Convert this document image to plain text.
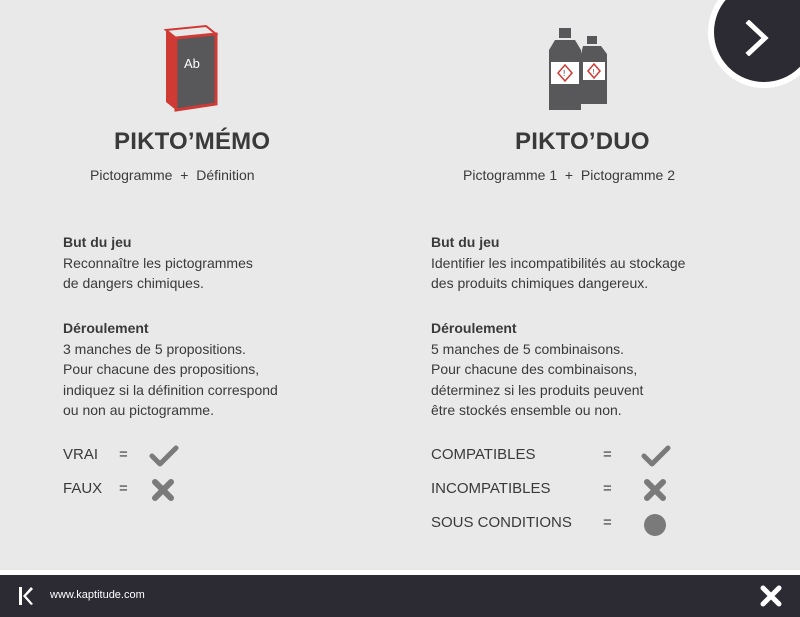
Ab
PIKTO’MÉMO
Pictogramme  +  Définition
But du jeu
Reconnaître les pictogrammes
de dangers chimiques.
Déroulement
3 manches de 5 propositions.
Pour chacune des propositions,
indiquez si la définition correspond
ou non au pictogramme.
VRAI =
FAUX =
!	!
PIKTO’DUO
Pictogramme 1  +  Pictogramme 2
But du jeu
Identifier les incompatibilités au stockage
des produits chimiques dangereux.
Déroulement
5 manches de 5 combinaisons.
Pour chacune des combinaisons,
déterminez si les produits peuvent
être stockés ensemble ou non.
COMPATIBLES	=
INCOMPATIBLES	=
SOUS CONDITIONS =
www.kaptitude.com
